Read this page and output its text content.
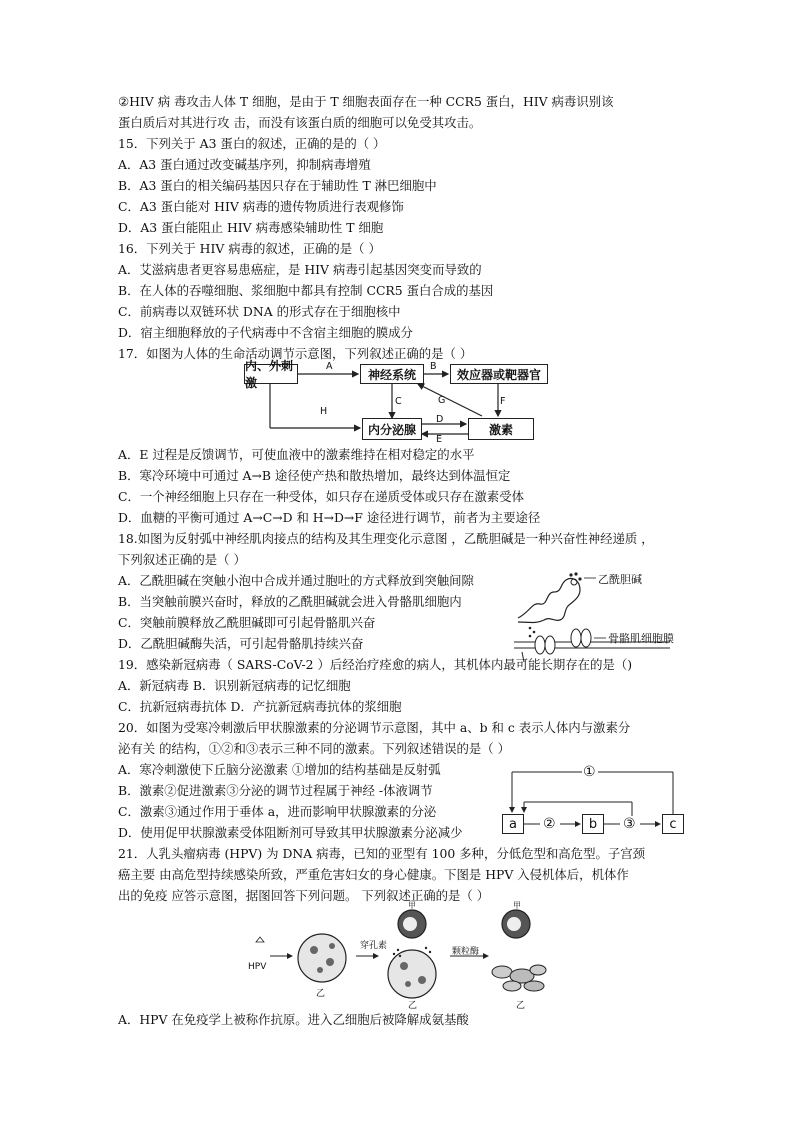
②HIV 病 毒攻击人体 T 细胞，是由于 T 细胞表面存在一种 CCR5 蛋白，HIV 病毒识别该
蛋白质后对其进行攻 击，而没有该蛋白质的细胞可以免受其攻击。
15．下列关于 A3 蛋白的叙述，正确的是的（ ）
A．A3 蛋白通过改变碱基序列，抑制病毒增殖
B．A3 蛋白的相关编码基因只存在于辅助性 T 淋巴细胞中
C．A3 蛋白能对 HIV 病毒的遗传物质进行表观修饰
D．A3 蛋白能阻止 HIV 病毒感染辅助性 T 细胞
16．下列关于 HIV 病毒的叙述，正确的是（ ）
A．艾滋病患者更容易患癌症，是 HIV 病毒引起基因突变而导致的
B．在人体的吞噬细胞、浆细胞中都具有控制 CCR5 蛋白合成的基因
C．前病毒以双链环状 DNA 的形式存在于细胞核中
D．宿主细胞释放的子代病毒中不含宿主细胞的膜成分
17．如图为人体的生命活动调节示意图，下列叙述正确的是（ ）
内、外刺激
神经系统	效应器或靶器官
内分泌腺	激素
A	B
C
D
E
F
G
H
A．E 过程是反馈调节，可使血液中的激素维持在相对稳定的水平
B．寒冷环境中可通过 A→B 途径使产热和散热增加，最终达到体温恒定
C．一个神经细胞上只存在一种受体，如只存在递质受体或只存在激素受体
D．血糖的平衡可通过 A→C→D 和 H→D→F 途径进行调节，前者为主要途径
18.如图为反射弧中神经肌肉接点的结构及其生理变化示意图 ，乙酰胆碱是一种兴奋性神经递质 ，
下列叙述正确的是（ ）
A．乙酰胆碱在突触小泡中合成并通过胞吐的方式释放到突触间隙
B．当突触前膜兴奋时，释放的乙酰胆碱就会进入骨骼肌细胞内
C．突触前膜释放乙酰胆碱即可引起骨骼肌兴奋
D．乙酰胆碱酶失活，可引起骨骼肌持续兴奋
乙酰胆碱
骨骼肌细胞膜
19．感染新冠病毒（ SARS-CoV-2 ）后经治疗痊愈的病人，其机体内最可能长期存在的是（)
A．新冠病毒 B．识别新冠病毒的记忆细胞
C．抗新冠病毒抗体 D．产抗新冠病毒抗体的浆细胞
20．如图为受寒冷刺激后甲状腺激素的分泌调节示意图，其中 a、b 和 c 表示人体内与激素分
泌有关 的结构，①②和③表示三种不同的激素。下列叙述错误的是（ ）
A．寒冷刺激使下丘脑分泌激素 ①增加的结构基础是反射弧
B．激素②促进激素③分泌的调节过程属于神经 -体液调节
C．激素③通过作用于垂体 a，进而影响甲状腺激素的分泌
D．使用促甲状腺激素受体阻断剂可导致其甲状腺激素分泌减少
a	b	c
①
②	③
21．人乳头瘤病毒 (HPV) 为 DNA 病毒，已知的亚型有 100 多种，分低危型和高危型。子宫颈
癌主要 由高危型持续感染所致，严重危害妇女的身心健康。下图是 HPV 入侵机体后，机体作
出的免疫 应答示意图，据图回答下列问题。 下列叙述正确的是（ ）
HPV
乙
乙	乙
甲	甲
穿孔素
颗粒酶
A．HPV 在免疫学上被称作抗原。进入乙细胞后被降解成氨基酸
